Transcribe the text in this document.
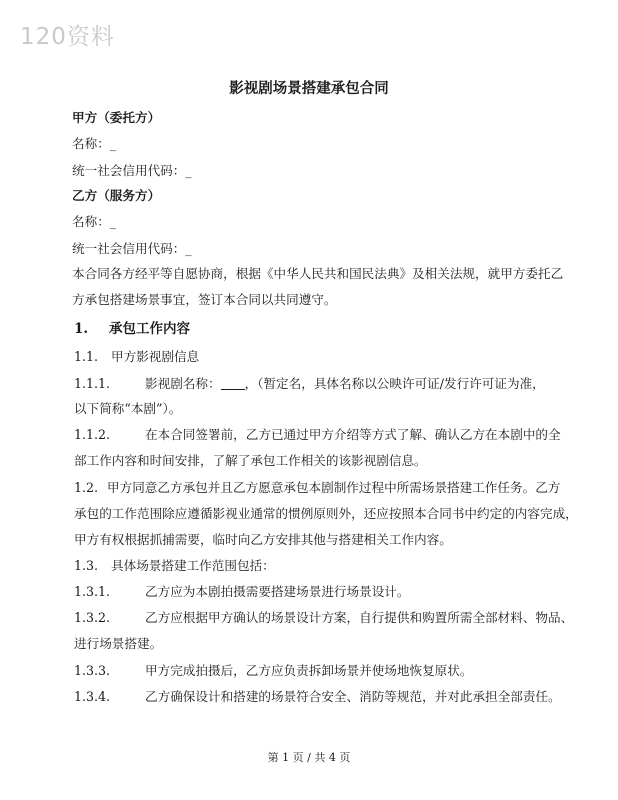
120资料
影视剧场景搭建承包合同
甲方（委托方）
名称：_
统一社会信用代码：_
乙方（服务方）
名称：_
统一社会信用代码：_
本合同各方经平等自愿协商，根据《中华人民共和国民法典》及相关法规，就甲方委托乙
方承包搭建场景事宜，签订本合同以共同遵守。
1. 承包工作内容
1.1. 甲方影视剧信息
1.1.1.	影视剧名称： ，（暂定名，具体名称以公映许可证/发行许可证为准，
以下简称“本剧”）。
1.1.2.	在本合同签署前，乙方已通过甲方介绍等方式了解、确认乙方在本剧中的全
部工作内容和时间安排，了解了承包工作相关的该影视剧信息。
1.2. 甲方同意乙方承包并且乙方愿意承包本剧制作过程中所需场景搭建工作任务。乙方
承包的工作范围除应遵循影视业通常的惯例原则外，还应按照本合同书中约定的内容完成，
甲方有权根据抓捕需要，临时向乙方安排其他与搭建相关工作内容。
1.3. 具体场景搭建工作范围包括：
1.3.1.	乙方应为本剧拍摄需要搭建场景进行场景设计。
1.3.2.	乙方应根据甲方确认的场景设计方案，自行提供和购置所需全部材料、物品、
进行场景搭建。
1.3.3.	甲方完成拍摄后，乙方应负责拆卸场景并使场地恢复原状。
1.3.4.	乙方确保设计和搭建的场景符合安全、消防等规范，并对此承担全部责任。
第 1 页 / 共 4 页
